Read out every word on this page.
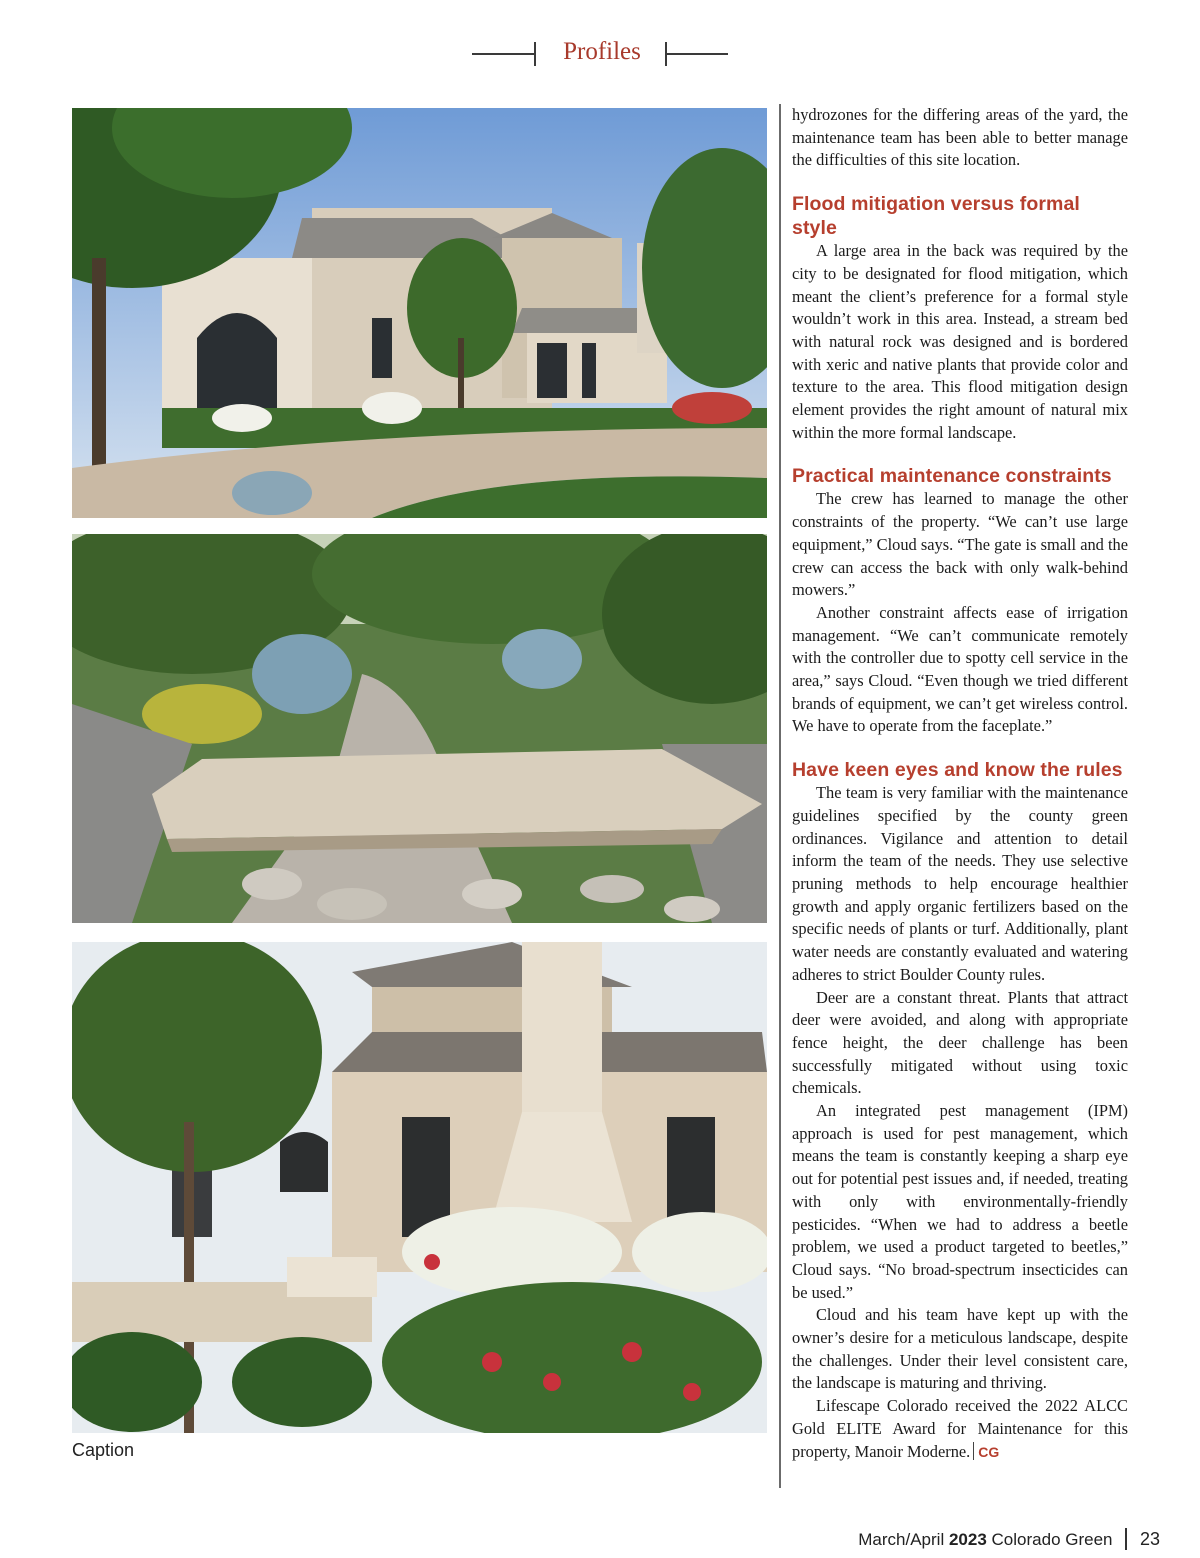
Profiles
Caption

hydrozones for the differing areas of the yard, the maintenance team has been able to better manage the difficulties of this site location.

Flood mitigation versus formal style

A large area in the back was required by the city to be designated for flood mitigation, which meant the client’s preference for a formal style wouldn’t work in this area. Instead, a stream bed with natural rock was designed and is bordered with xeric and native plants that provide color and texture to the area. This flood mitigation design element provides the right amount of natural mix within the more formal landscape.

Practical maintenance constraints

The crew has learned to manage the other constraints of the property. “We can’t use large equipment,” Cloud says. “The gate is small and the crew can access the back with only walk-behind mowers.”

Another constraint affects ease of irrigation management. “We can’t communicate remotely with the controller due to spotty cell service in the area,” says Cloud. “Even though we tried different brands of equipment, we can’t get wireless control. We have to operate from the faceplate.”

Have keen eyes and know the rules

The team is very familiar with the maintenance guidelines specified by the county green ordinances. Vigilance and attention to detail inform the team of the needs. They use selective pruning methods to help encourage healthier growth and apply organic fertilizers based on the specific needs of plants or turf. Additionally, plant water needs are constantly evaluated and watering adheres to strict Boulder County rules.

Deer are a constant threat. Plants that attract deer were avoided, and along with appropriate fence height, the deer challenge has been successfully mitigated without using toxic chemicals.

An integrated pest management (IPM) approach is used for pest management, which means the team is constantly keeping a sharp eye out for potential pest issues and, if needed, treating with only with environmentally-friendly pesticides. “When we had to address a beetle problem, we used a product targeted to beetles,” Cloud says. “No broad-spectrum insecticides can be used.”

Cloud and his team have kept up with the owner’s desire for a meticulous landscape, despite the challenges. Under their level consistent care, the landscape is maturing and thriving.

Lifescape Colorado received the 2022 ALCC Gold ELITE Award for Maintenance for this property, Manoir Moderne. CG

March/April 2023 Colorado Green 23
